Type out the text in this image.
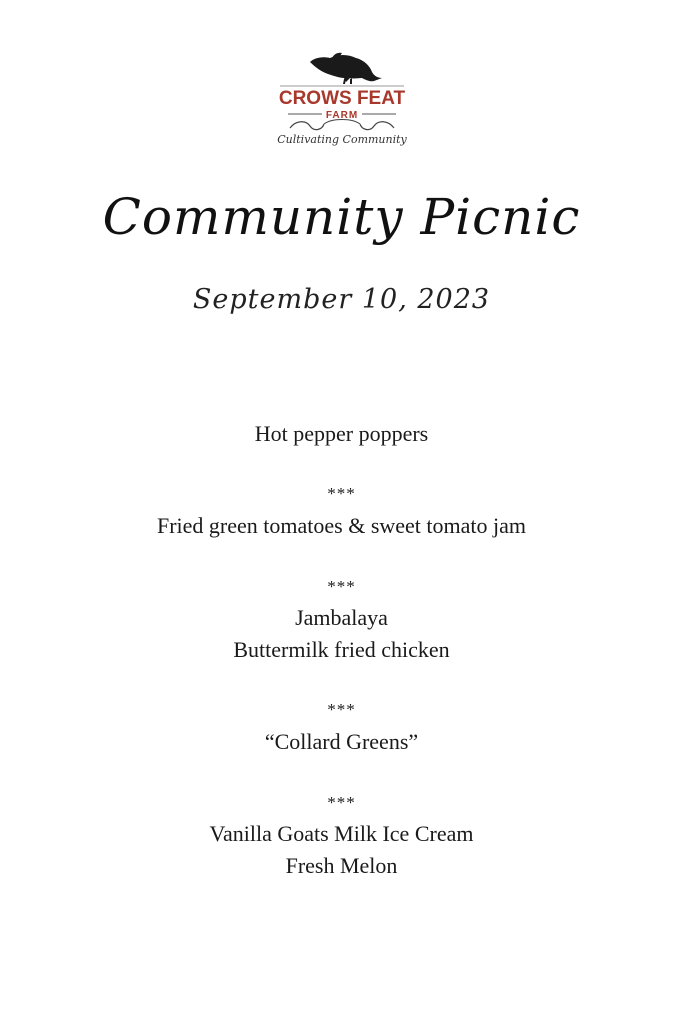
CROWS FEAT
FARM
Cultivating Community
Community Picnic
September 10, 2023
Hot pepper poppers
***
Fried green tomatoes & sweet tomato jam
***
Jambalaya
Buttermilk fried chicken
***
“Collard Greens”
***
Vanilla Goats Milk Ice Cream
Fresh Melon
